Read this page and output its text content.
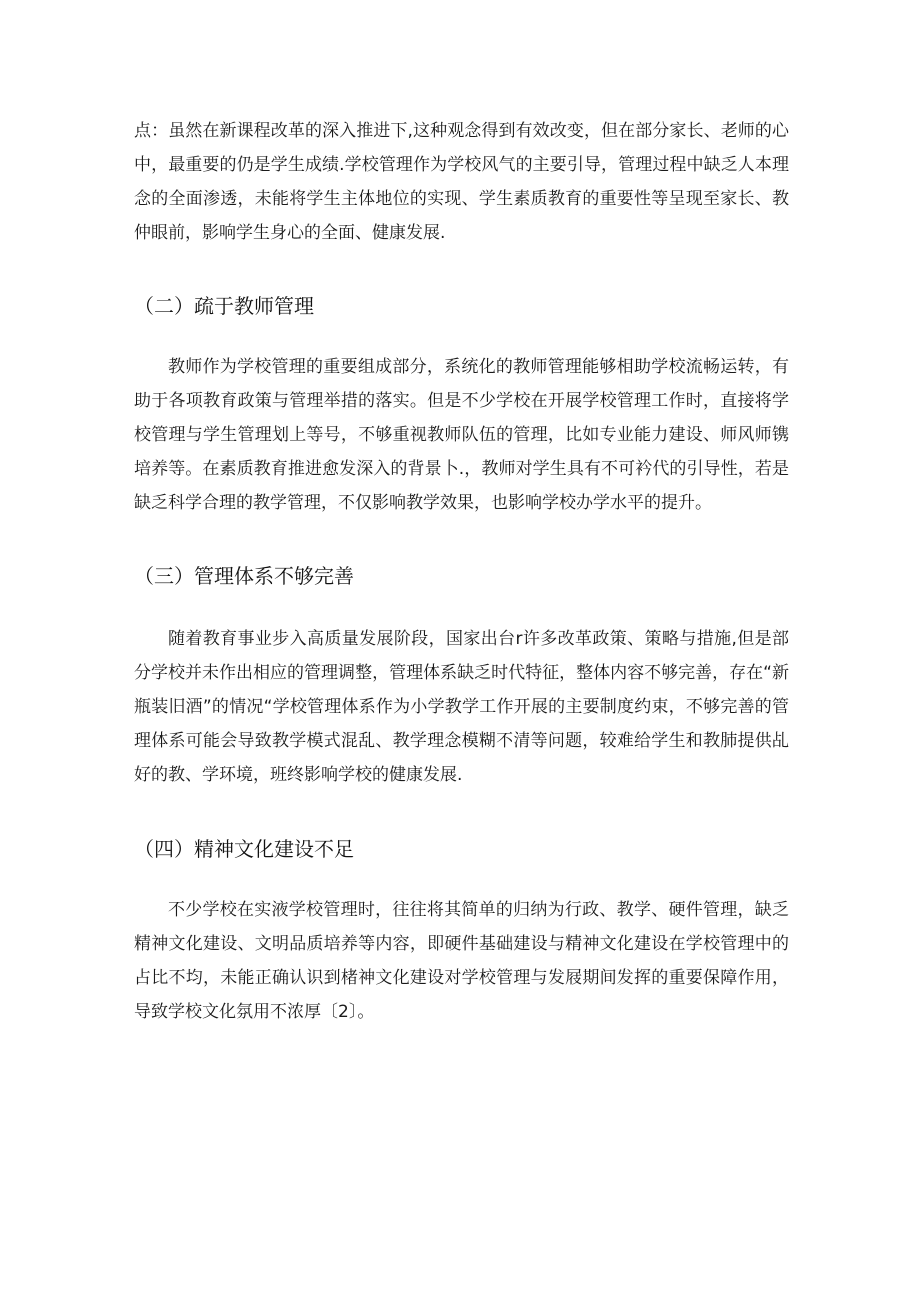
点：虽然在新课程改革的深入推进下,这种观念得到有效改变，但在部分家长、老师的心中，最重要的仍是学生成绩.学校管理作为学校风气的主要引导，管理过程中缺乏人本理念的全面渗透，未能将学生主体地位的实现、学生素质教育的重要性等呈现至家长、教仲眼前，影响学生身心的全面、健康发展.

（二）疏于教师管理

教师作为学校管理的重要组成部分，系统化的教师管理能够相助学校流畅运转，有助于各项教育政策与管理举措的落实。但是不少学校在开展学校管理工作时，直接将学校管理与学生管理划上等号，不够重视教师队伍的管理，比如专业能力建设、师风师镌培养等。在素质教育推进愈发深入的背景卜.，教师对学生具有不可衿代的引导性，若是缺乏科学合理的教学管理，不仅影响教学效果，也影响学校办学水平的提升。

（三）管理体系不够完善

随着教育事业步入高质量发展阶段，国家出台r许多改革政策、策略与措施,但是部分学校并未作出相应的管理调整，管理体系缺乏时代特征，整体内容不够完善，存在“新瓶装旧酒”的情况“学校管理体系作为小学教学工作开展的主要制度约束，不够完善的管理体系可能会导致教学模式混乱、教学理念模糊不清等问题，较难给学生和教肺提供乩好的教、学环境，班终影响学校的健康发展.

（四）精神文化建设不足

不少学校在实液学校管理时，往往将其简单的归纳为行政、教学、硬件管理，缺乏精神文化建设、文明品质培养等内容，即硬件基础建设与精神文化建设在学校管理中的占比不均，未能正确认识到楮神文化建设对学校管理与发屐期间发挥的重要保障作用，导致学校文化氛用不浓厚〔2〕。
